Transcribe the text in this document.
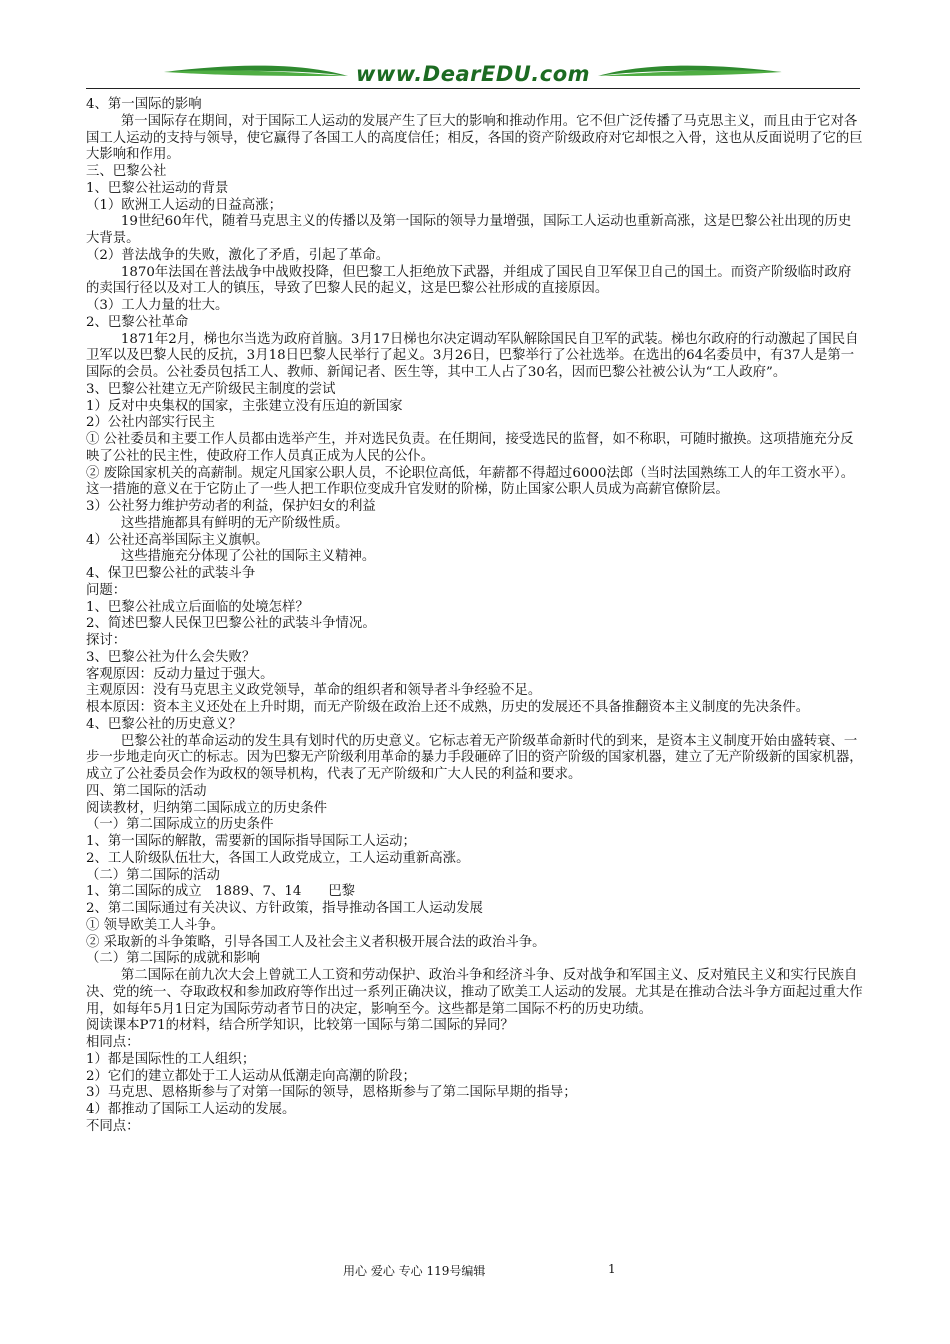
www.DearEDU.com
4、第一国际的影响
第一国际存在期间，对于国际工人运动的发展产生了巨大的影响和推动作用。它不但广泛传播了马克思主义，而且由于它对各国工人运动的支持与领导，使它赢得了各国工人的高度信任；相反，各国的资产阶级政府对它却恨之入骨，这也从反面说明了它的巨大影响和作用。
三、巴黎公社
1、巴黎公社运动的背景
（1）欧洲工人运动的日益高涨；
19世纪60年代，随着马克思主义的传播以及第一国际的领导力量增强，国际工人运动也重新高涨，这是巴黎公社出现的历史大背景。
（2）普法战争的失败，激化了矛盾，引起了革命。
1870年法国在普法战争中战败投降，但巴黎工人拒绝放下武器，并组成了国民自卫军保卫自己的国土。而资产阶级临时政府的卖国行径以及对工人的镇压，导致了巴黎人民的起义，这是巴黎公社形成的直接原因。
（3）工人力量的壮大。
2、巴黎公社革命
1871年2月，梯也尔当选为政府首脑。3月17日梯也尔决定调动军队解除国民自卫军的武装。梯也尔政府的行动激起了国民自卫军以及巴黎人民的反抗，3月18日巴黎人民举行了起义。3月26日，巴黎举行了公社选举。在选出的64名委员中，有37人是第一国际的会员。公社委员包括工人、教师、新闻记者、医生等，其中工人占了30名，因而巴黎公社被公认为“工人政府”。
3、巴黎公社建立无产阶级民主制度的尝试
1）反对中央集权的国家，主张建立没有压迫的新国家
2）公社内部实行民主
① 公社委员和主要工作人员都由选举产生，并对选民负责。在任期间，接受选民的监督，如不称职，可随时撤换。这项措施充分反映了公社的民主性，使政府工作人员真正成为人民的公仆。
② 废除国家机关的高薪制。规定凡国家公职人员，不论职位高低，年薪都不得超过6000法郎（当时法国熟练工人的年工资水平）。这一措施的意义在于它防止了一些人把工作职位变成升官发财的阶梯，防止国家公职人员成为高薪官僚阶层。
3）公社努力维护劳动者的利益，保护妇女的利益
这些措施都具有鲜明的无产阶级性质。
4）公社还高举国际主义旗帜。
这些措施充分体现了公社的国际主义精神。
4、保卫巴黎公社的武装斗争
问题：
1、巴黎公社成立后面临的处境怎样？
2、简述巴黎人民保卫巴黎公社的武装斗争情况。
探讨：
3、巴黎公社为什么会失败？
客观原因：反动力量过于强大。
主观原因：没有马克思主义政党领导，革命的组织者和领导者斗争经验不足。
根本原因：资本主义还处在上升时期，而无产阶级在政治上还不成熟，历史的发展还不具备推翻资本主义制度的先决条件。
4、巴黎公社的历史意义？
巴黎公社的革命运动的发生具有划时代的历史意义。它标志着无产阶级革命新时代的到来，是资本主义制度开始由盛转衰、一步一步地走向灭亡的标志。因为巴黎无产阶级利用革命的暴力手段砸碎了旧的资产阶级的国家机器，建立了无产阶级新的国家机器，成立了公社委员会作为政权的领导机构，代表了无产阶级和广大人民的利益和要求。
四、第二国际的活动
阅读教材，归纳第二国际成立的历史条件
（一）第二国际成立的历史条件
1、第一国际的解散，需要新的国际指导国际工人运动；
2、工人阶级队伍壮大，各国工人政党成立，工人运动重新高涨。
（二）第二国际的活动
1、第二国际的成立　1889、7、14　　巴黎
2、第二国际通过有关决议、方针政策，指导推动各国工人运动发展
① 领导欧美工人斗争。
② 采取新的斗争策略，引导各国工人及社会主义者积极开展合法的政治斗争。
（二）第二国际的成就和影响
第二国际在前九次大会上曾就工人工资和劳动保护、政治斗争和经济斗争、反对战争和军国主义、反对殖民主义和实行民族自决、党的统一、夺取政权和参加政府等作出过一系列正确决议，推动了欧美工人运动的发展。尤其是在推动合法斗争方面起过重大作用，如每年5月1日定为国际劳动者节日的决定，影响至今。这些都是第二国际不朽的历史功绩。
阅读课本P71的材料，结合所学知识，比较第一国际与第二国际的异同？
相同点：
1）都是国际性的工人组织；
2）它们的建立都处于工人运动从低潮走向高潮的阶段；
3）马克思、恩格斯参与了对第一国际的领导，恩格斯参与了第二国际早期的指导；
4）都推动了国际工人运动的发展。
不同点：
用心 爱心 专心 119号编辑	1
